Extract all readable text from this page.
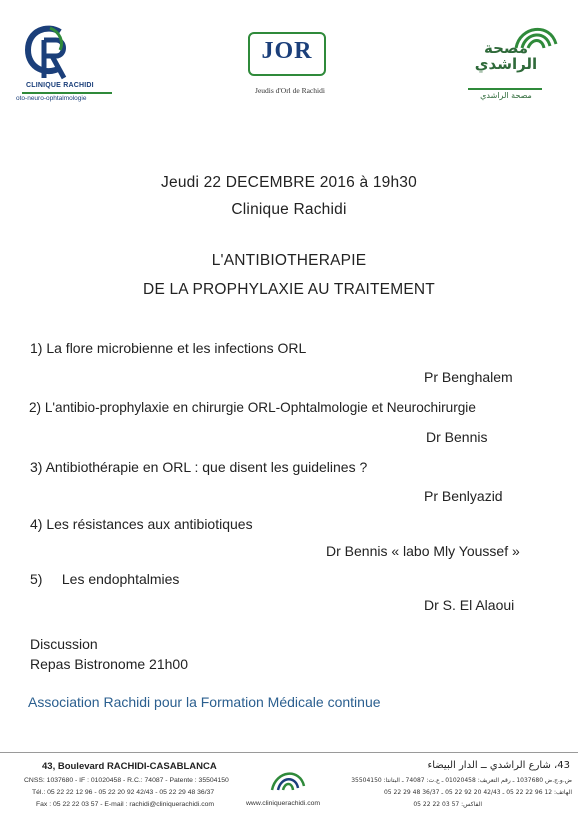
CLINIQUE RACHIDI
oto-neuro-ophtalmologie
JOR
Jeudis d'Orl de Rachidi
مصحة الراشدي
مصحة الراشدي
Jeudi 22 DECEMBRE 2016 à 19h30
Clinique Rachidi
L'ANTIBIOTHERAPIE
DE LA PROPHYLAXIE AU TRAITEMENT
1) La flore microbienne et les infections ORL
Pr Benghalem
2) L'antibio-prophylaxie en chirurgie ORL-Ophtalmologie et Neurochirurgie
Dr Bennis
3) Antibiothérapie en ORL : que disent les guidelines ?
Pr Benlyazid
4) Les résistances aux antibiotiques
Dr Bennis « labo Mly Youssef »
5)     Les endophtalmies
Dr S. El Alaoui
Discussion
Repas Bistronome 21h00
Association Rachidi pour la Formation Médicale continue
43, Boulevard RACHIDI-CASABLANCA
CNSS: 1037680 - IF : 01020458 - R.C.: 74087 - Patente : 35504150
Tél.: 05 22 22 12 96 - 05 22 20 92 42/43 - 05 22 29 48 36/37
Fax : 05 22 22 03 57 - E-mail : rachidi@cliniquerachidi.com	www.cliniquerachidi.com
43، شارع الراشدي ــ الدار البيضاء
ض.و.ج.ض 1037680 ـ رقم التعريف: 01020458 ـ ع.ت: 74087 ـ البتانتا: 35504150
الهاتف: 12 96 22 22 05 ـ 42/43 20 92 22 05 ـ 36/37 48 29 22 05
الفاكس: 57 03 22 22 05
